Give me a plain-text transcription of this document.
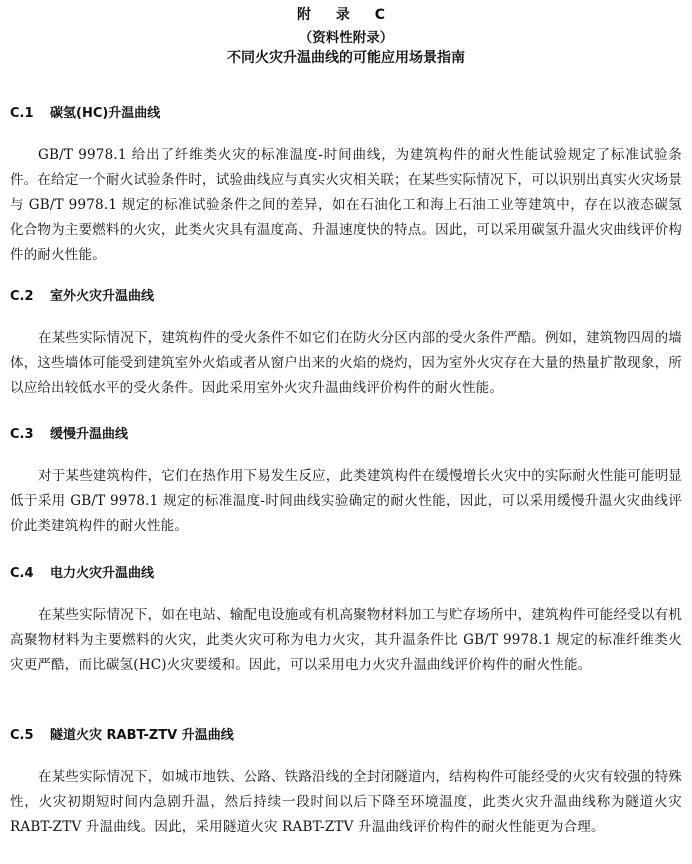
附 录 C
（资料性附录）
不同火灾升温曲线的可能应用场景指南
C.1 碳氢(HC)升温曲线
GB/T 9978.1 给出了纤维类火灾的标准温度-时间曲线，为建筑构件的耐火性能试验规定了标准试验条件。在给定一个耐火试验条件时，试验曲线应与真实火灾相关联；在某些实际情况下，可以识别出真实火灾场景与 GB/T 9978.1 规定的标准试验条件之间的差异，如在石油化工和海上石油工业等建筑中，存在以液态碳氢化合物为主要燃料的火灾，此类火灾具有温度高、升温速度快的特点。因此，可以采用碳氢升温火灾曲线评价构件的耐火性能。
C.2 室外火灾升温曲线
在某些实际情况下，建筑构件的受火条件不如它们在防火分区内部的受火条件严酷。例如，建筑物四周的墙体，这些墙体可能受到建筑室外火焰或者从窗户出来的火焰的烧灼，因为室外火灾存在大量的热量扩散现象，所以应给出较低水平的受火条件。因此采用室外火灾升温曲线评价构件的耐火性能。
C.3 缓慢升温曲线
对于某些建筑构件，它们在热作用下易发生反应，此类建筑构件在缓慢增长火灾中的实际耐火性能可能明显低于采用 GB/T 9978.1 规定的标准温度-时间曲线实验确定的耐火性能，因此，可以采用缓慢升温火灾曲线评价此类建筑构件的耐火性能。
C.4 电力火灾升温曲线
在某些实际情况下，如在电站、输配电设施或有机高聚物材料加工与贮存场所中，建筑构件可能经受以有机高聚物材料为主要燃料的火灾，此类火灾可称为电力火灾，其升温条件比 GB/T 9978.1 规定的标准纤维类火灾更严酷，而比碳氢(HC)火灾要缓和。因此，可以采用电力火灾升温曲线评价构件的耐火性能。
C.5 隧道火灾 RABT-ZTV 升温曲线
在某些实际情况下，如城市地铁、公路、铁路沿线的全封闭隧道内，结构构件可能经受的火灾有较强的特殊性，火灾初期短时间内急剧升温，然后持续一段时间以后下降至环境温度，此类火灾升温曲线称为隧道火灾 RABT-ZTV 升温曲线。因此，采用隧道火灾 RABT-ZTV 升温曲线评价构件的耐火性能更为合理。
